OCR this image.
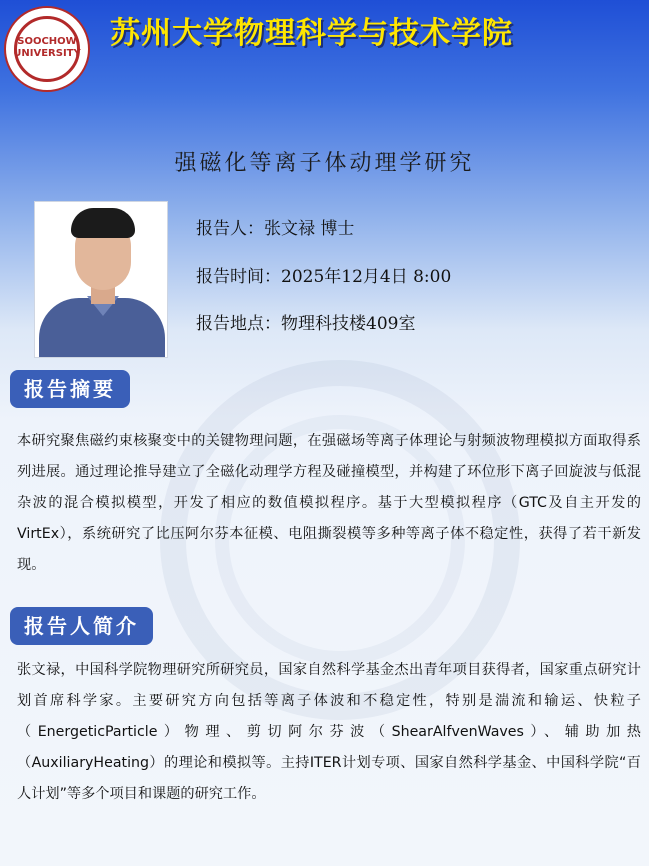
SOOCHOW
UNIVERSITY
苏州大学物理科学与技术学院
强磁化等离子体动理学研究
报告人：张文禄 博士
报告时间：2025年12月4日 8:00
报告地点：物理科技楼409室
报告摘要
本研究聚焦磁约束核聚变中的关键物理问题，在强磁场等离子体理论与射频波物理模拟方面取得系列进展。通过理论推导建立了全磁化动理学方程及碰撞模型，并构建了环位形下离子回旋波与低混杂波的混合模拟模型，开发了相应的数值模拟程序。基于大型模拟程序（GTC及自主开发的VirtEx），系统研究了比压阿尔芬本征模、电阻撕裂模等多种等离子体不稳定性，获得了若干新发现。
报告人简介
张文禄，中国科学院物理研究所研究员，国家自然科学基金杰出青年项目获得者，国家重点研究计划首席科学家。主要研究方向包括等离子体波和不稳定性，特别是湍流和输运、快粒子（EnergeticParticle）物理、剪切阿尔芬波（ShearAlfvenWaves）、辅助加热（AuxiliaryHeating）的理论和模拟等。主持ITER计划专项、国家自然科学基金、中国科学院“百人计划”等多个项目和课题的研究工作。
